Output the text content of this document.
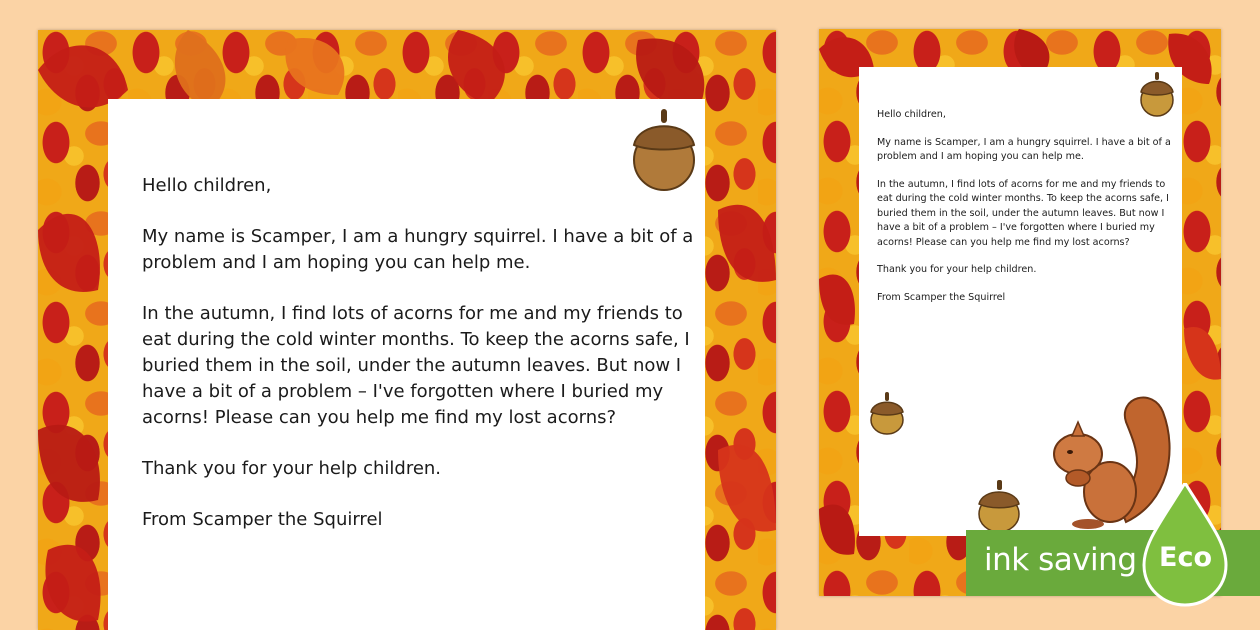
Hello children,

My name is Scamper, I am a hungry squirrel. I have a bit of a problem and I am hoping you can help me.

In the autumn, I find lots of acorns for me and my friends to eat during the cold winter months. To keep the acorns safe, I buried them in the soil, under the autumn leaves. But now I have a bit of a problem – I've forgotten where I buried my acorns! Please can you help me find my lost acorns?

Thank you for your help children.

From Scamper the Squirrel

Hello children,

My name is Scamper, I am a hungry squirrel. I have a bit of a problem and I am hoping you can help me.

In the autumn, I find lots of acorns for me and my friends to eat during the cold winter months. To keep the acorns safe, I buried them in the soil, under the autumn leaves. But now I have a bit of a problem – I've forgotten where I buried my acorns! Please can you help me find my lost acorns?

Thank you for your help children.

From Scamper the Squirrel

ink saving Eco
